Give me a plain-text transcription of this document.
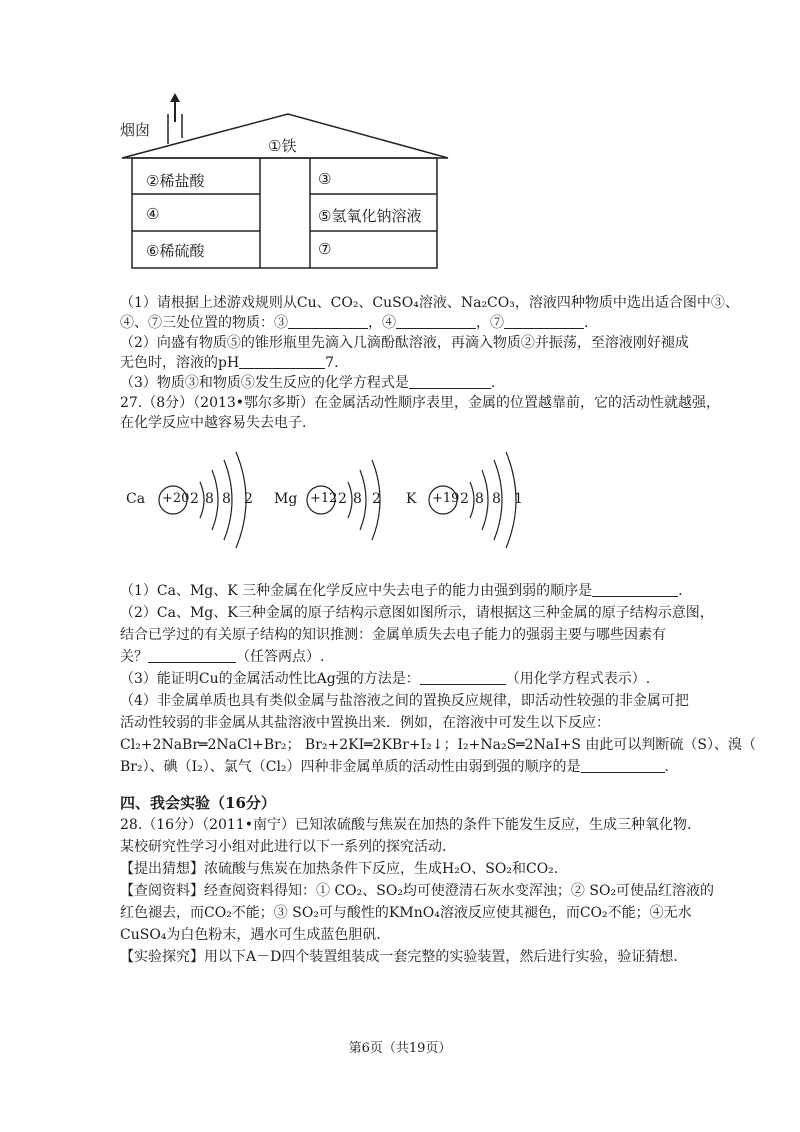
烟囱
①铁
②稀盐酸
④
⑥稀硫酸
③
⑤氢氧化钠溶液
⑦
（1）请根据上述游戏规则从Cu、CO₂、CuSO₄溶液、Na₂CO₃，溶液四种物质中选出适合图中③、
④、⑦三处位置的物质：③	，④	，⑦	.
（2）向盛有物质⑤的锥形瓶里先滴入几滴酚酞溶液，再滴入物质②并振荡，至溶液刚好褪成
无色时，溶液的pH	7.
（3）物质③和物质⑤发生反应的化学方程式是	.
27.（8分）（2013•鄂尔多斯）在金属活动性顺序表里，金属的位置越靠前，它的活动性就越强，
在化学反应中越容易失去电子.
Ca +20 2 8 8 2 Mg +12 2 8 2 K +19 2 8 8 1
（1）Ca、Mg、K 三种金属在化学反应中失去电子的能力由强到弱的顺序是	.
（2）Ca、Mg、K三种金属的原子结构示意图如图所示，请根据这三种金属的原子结构示意图，
结合已学过的有关原子结构的知识推测：金属单质失去电子能力的强弱主要与哪些因素有
关？	（任答两点）.
（3）能证明Cu的金属活动性比Ag强的方法是：	（用化学方程式表示）.
（4）非金属单质也具有类似金属与盐溶液之间的置换反应规律，即活动性较强的非金属可把
活动性较弱的非金属从其盐溶液中置换出来．例如，在溶液中可发生以下反应：
Cl₂+2NaBr═2NaCl+Br₂； Br₂+2KI═2KBr+I₂↓；I₂+Na₂S═2NaI+S 由此可以判断硫（S）、溴（
Br₂）、碘（I₂）、氯气（Cl₂）四种非金属单质的活动性由弱到强的顺序的是	.
四、我会实验（16分）
28.（16分）（2011•南宁）已知浓硫酸与焦炭在加热的条件下能发生反应，生成三种氧化物.
某校研究性学习小组对此进行以下一系列的探究活动.
【提出猜想】浓硫酸与焦炭在加热条件下反应，生成H₂O、SO₂和CO₂.
【查阅资料】经查阅资料得知：① CO₂、SO₂均可使澄清石灰水变浑浊；② SO₂可使品红溶液的
红色褪去，而CO₂不能；③ SO₂可与酸性的KMnO₄溶液反应使其褪色，而CO₂不能；④无水
CuSO₄为白色粉末，遇水可生成蓝色胆矾.
【实验探究】用以下A－D四个装置组装成一套完整的实验装置，然后进行实验，验证猜想.
第6页（共19页）
